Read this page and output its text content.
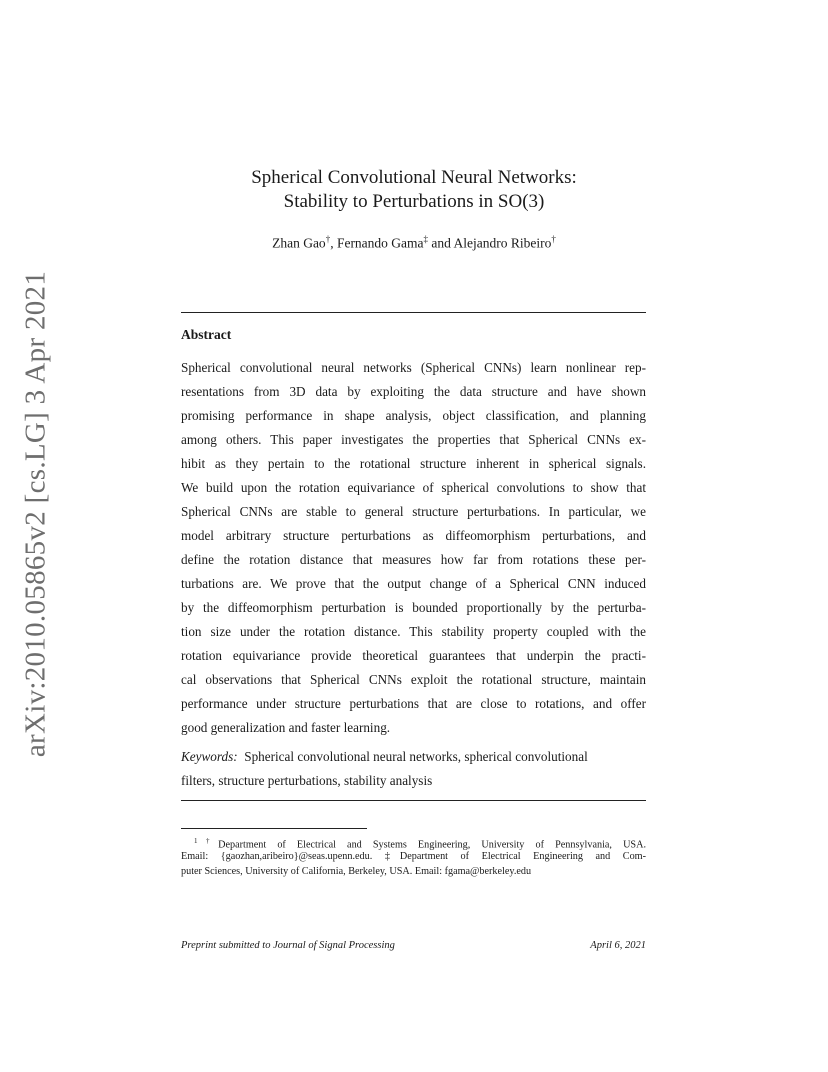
arXiv:2010.05865v2 [cs.LG] 3 Apr 2021
Spherical Convolutional Neural Networks:
Stability to Perturbations in SO(3)
Zhan Gao†, Fernando Gama‡ and Alejandro Ribeiro†
Abstract
Spherical convolutional neural networks (Spherical CNNs) learn nonlinear rep-
resentations from 3D data by exploiting the data structure and have shown
promising performance in shape analysis, object classification, and planning
among others. This paper investigates the properties that Spherical CNNs ex-
hibit as they pertain to the rotational structure inherent in spherical signals.
We build upon the rotation equivariance of spherical convolutions to show that
Spherical CNNs are stable to general structure perturbations. In particular, we
model arbitrary structure perturbations as diffeomorphism perturbations, and
define the rotation distance that measures how far from rotations these per-
turbations are. We prove that the output change of a Spherical CNN induced
by the diffeomorphism perturbation is bounded proportionally by the perturba-
tion size under the rotation distance. This stability property coupled with the
rotation equivariance provide theoretical guarantees that underpin the practi-
cal observations that Spherical CNNs exploit the rotational structure, maintain
performance under structure perturbations that are close to rotations, and offer
good generalization and faster learning.
Keywords: Spherical convolutional neural networks, spherical convolutional
filters, structure perturbations, stability analysis
$^{1\dagger}$Department of Electrical and Systems Engineering, University of Pennsylvania, USA.
Email: {gaozhan,aribeiro}@seas.upenn.edu. ‡Department of Electrical Engineering and Com-
puter Sciences, University of California, Berkeley, USA. Email: fgama@berkeley.edu
Preprint submitted to Journal of Signal Processing	April 6, 2021
